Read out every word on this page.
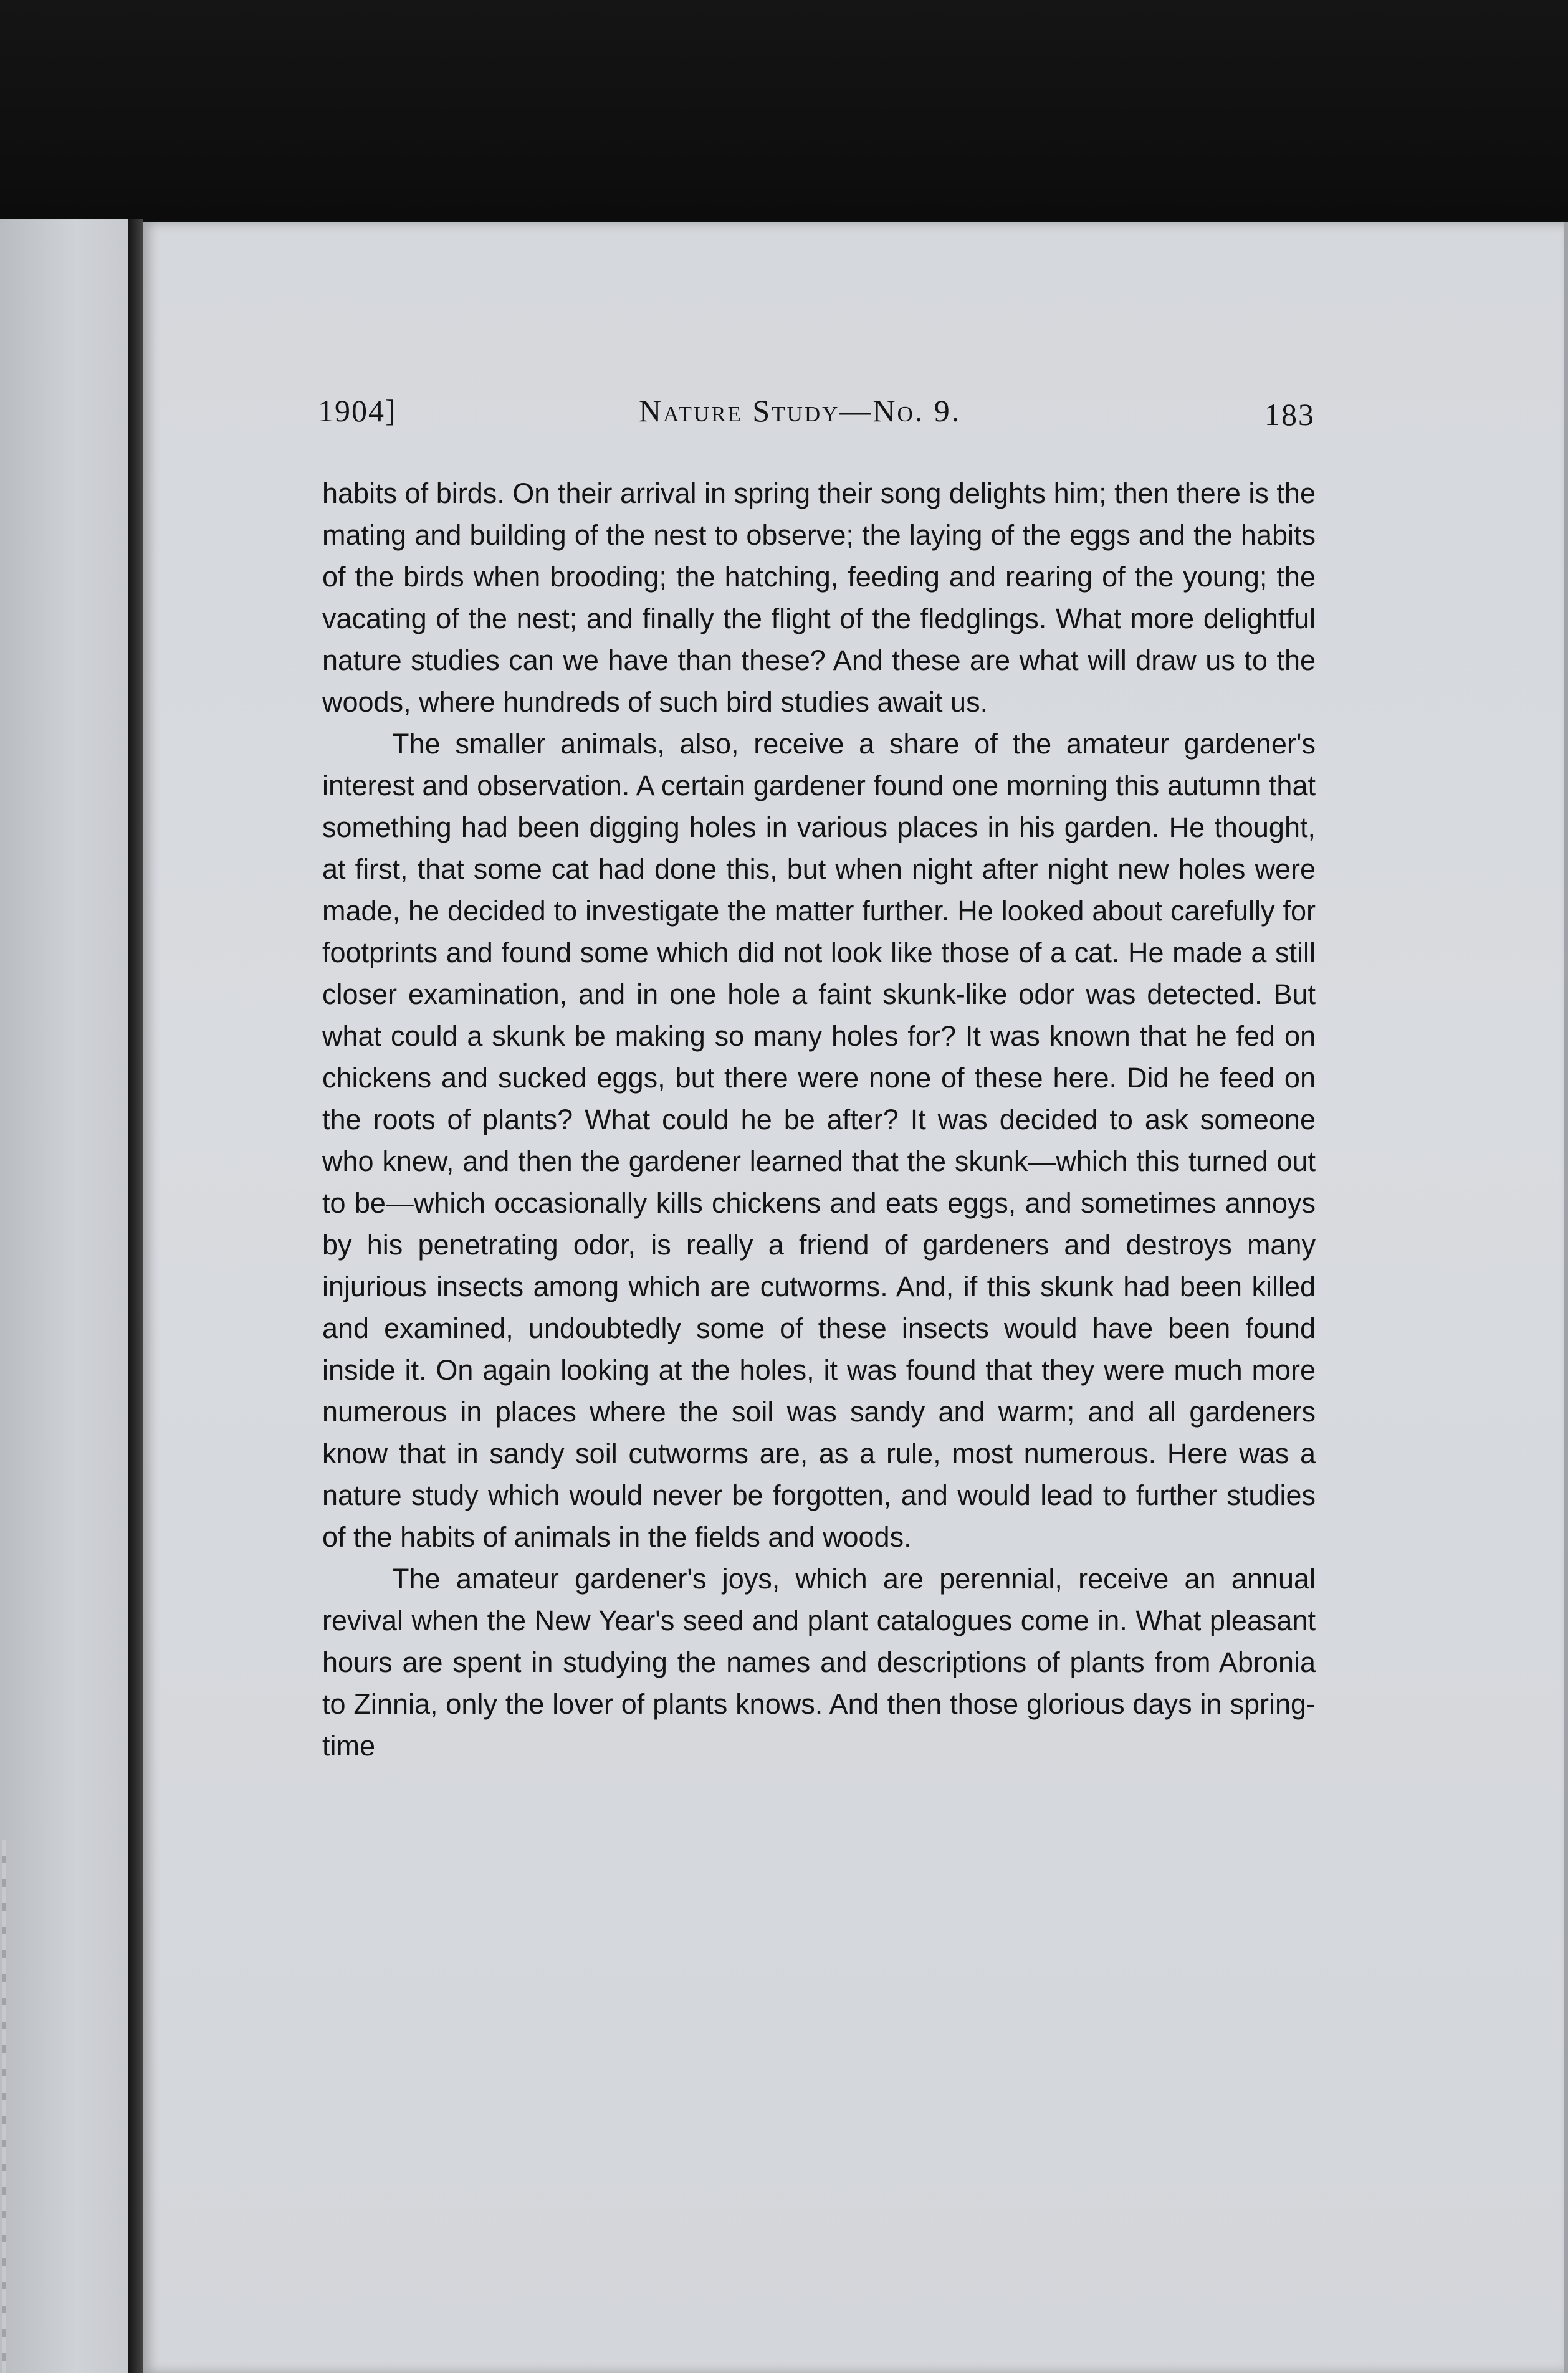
1904]	Nature Study—No. 9.	183

habits of birds. On their arrival in spring their song delights him; then there is the mating and building of the nest to observe; the laying of the eggs and the habits of the birds when brooding; the hatching, feeding and rearing of the young; the vacating of the nest; and finally the flight of the fledglings. What more delightful nature studies can we have than these? And these are what will draw us to the woods, where hundreds of such bird studies await us.

The smaller animals, also, receive a share of the amateur gardener's interest and observation. A certain gardener found one morning this autumn that something had been digging holes in various places in his garden. He thought, at first, that some cat had done this, but when night after night new holes were made, he decided to investigate the matter further. He looked about carefully for footprints and found some which did not look like those of a cat. He made a still closer examination, and in one hole a faint skunk-like odor was detected. But what could a skunk be making so many holes for? It was known that he fed on chickens and sucked eggs, but there were none of these here. Did he feed on the roots of plants? What could he be after? It was decided to ask someone who knew, and then the gardener learned that the skunk—which this turned out to be—which occasionally kills chickens and eats eggs, and sometimes annoys by his penetrating odor, is really a friend of gardeners and destroys many injurious insects among which are cutworms. And, if this skunk had been killed and examined, undoubtedly some of these insects would have been found inside it. On again looking at the holes, it was found that they were much more numerous in places where the soil was sandy and warm; and all gardeners know that in sandy soil cutworms are, as a rule, most numerous. Here was a nature study which would never be forgotten, and would lead to further studies of the habits of animals in the fields and woods.

The amateur gardener's joys, which are perennial, receive an annual revival when the New Year's seed and plant catalogues come in. What pleasant hours are spent in studying the names and descriptions of plants from Abronia to Zinnia, only the lover of plants knows. And then those glorious days in spring-time
